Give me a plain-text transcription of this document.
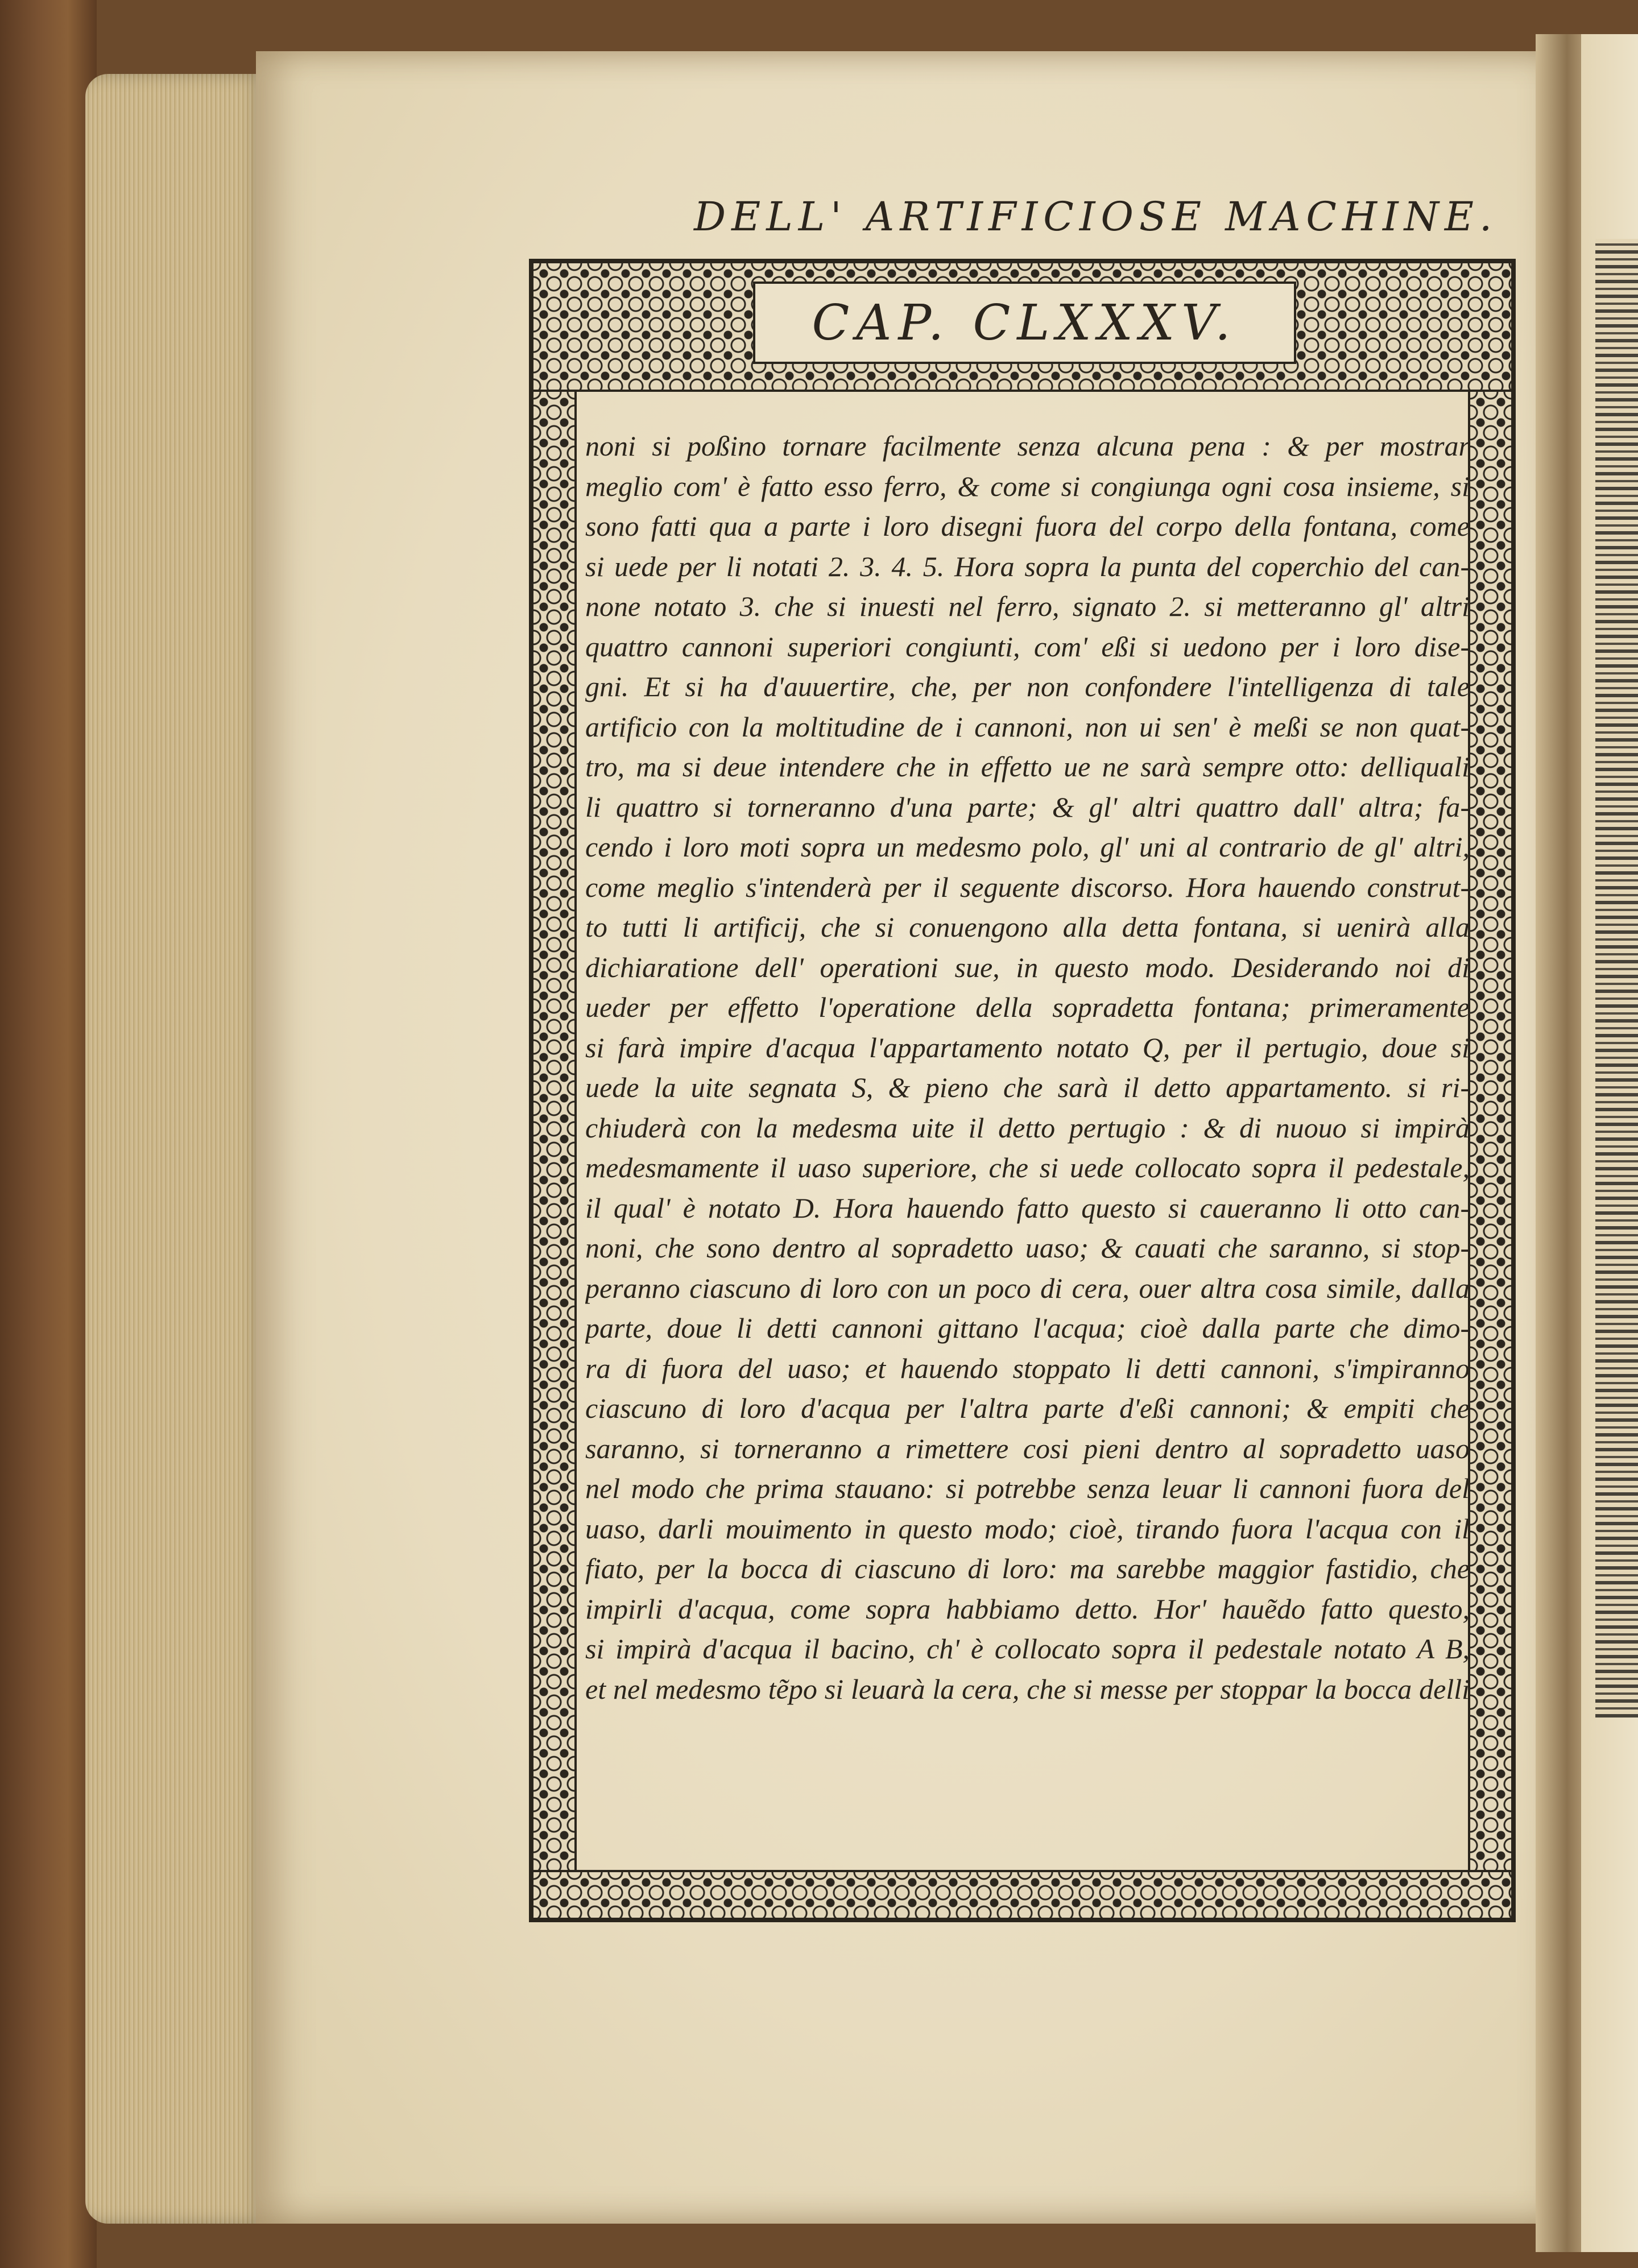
DELL' ARTIFICIOSE MACHINE.
CAP. CLXXXV.
noni si poßino tornare facilmente senza alcuna pena : & per mostrar
meglio com' è fatto esso ferro, & come si congiunga ogni cosa insieme, si
sono fatti qua a parte i loro disegni fuora del corpo della fontana, come
si uede per li notati 2. 3. 4. 5. Hora sopra la punta del coperchio del can-
none notato 3. che si inuesti nel ferro, signato 2. si metteranno gl' altri
quattro cannoni superiori congiunti, com' eßi si uedono per i loro dise-
gni. Et si ha d'auuertire, che, per non confondere l'intelligenza di tale
artificio con la moltitudine de i cannoni, non ui sen' è meßi se non quat-
tro, ma si deue intendere che in effetto ue ne sarà sempre otto: delliquali
li quattro si torneranno d'una parte; & gl' altri quattro dall' altra; fa-
cendo i loro moti sopra un medesmo polo, gl' uni al contrario de gl' altri,
come meglio s'intenderà per il seguente discorso. Hora hauendo construt-
to tutti li artificij, che si conuengono alla detta fontana, si uenirà alla
dichiaratione dell' operationi sue, in questo modo. Desiderando noi di
ueder per effetto l'operatione della sopradetta fontana; primeramente
si farà impire d'acqua l'appartamento notato Q, per il pertugio, doue si
uede la uite segnata S, & pieno che sarà il detto appartamento. si ri-
chiuderà con la medesma uite il detto pertugio : & di nuouo si impirà
medesmamente il uaso superiore, che si uede collocato sopra il pedestale,
il qual' è notato D. Hora hauendo fatto questo si caueranno li otto can-
noni, che sono dentro al sopradetto uaso; & cauati che saranno, si stop-
peranno ciascuno di loro con un poco di cera, ouer altra cosa simile, dalla
parte, doue li detti cannoni gittano l'acqua; cioè dalla parte che dimo-
ra di fuora del uaso; et hauendo stoppato li detti cannoni, s'impiranno
ciascuno di loro d'acqua per l'altra parte d'eßi cannoni; & empiti che
saranno, si torneranno a rimettere cosi pieni dentro al sopradetto uaso
nel modo che prima stauano: si potrebbe senza leuar li cannoni fuora del
uaso, darli mouimento in questo modo; cioè, tirando fuora l'acqua con il
fiato, per la bocca di ciascuno di loro: ma sarebbe maggior fastidio, che
impirli d'acqua, come sopra habbiamo detto. Hor' hauẽdo fatto questo,
si impirà d'acqua il bacino, ch' è collocato sopra il pedestale notato A B,
et nel medesmo tẽpo si leuarà la cera, che si messe per stoppar la bocca delli
